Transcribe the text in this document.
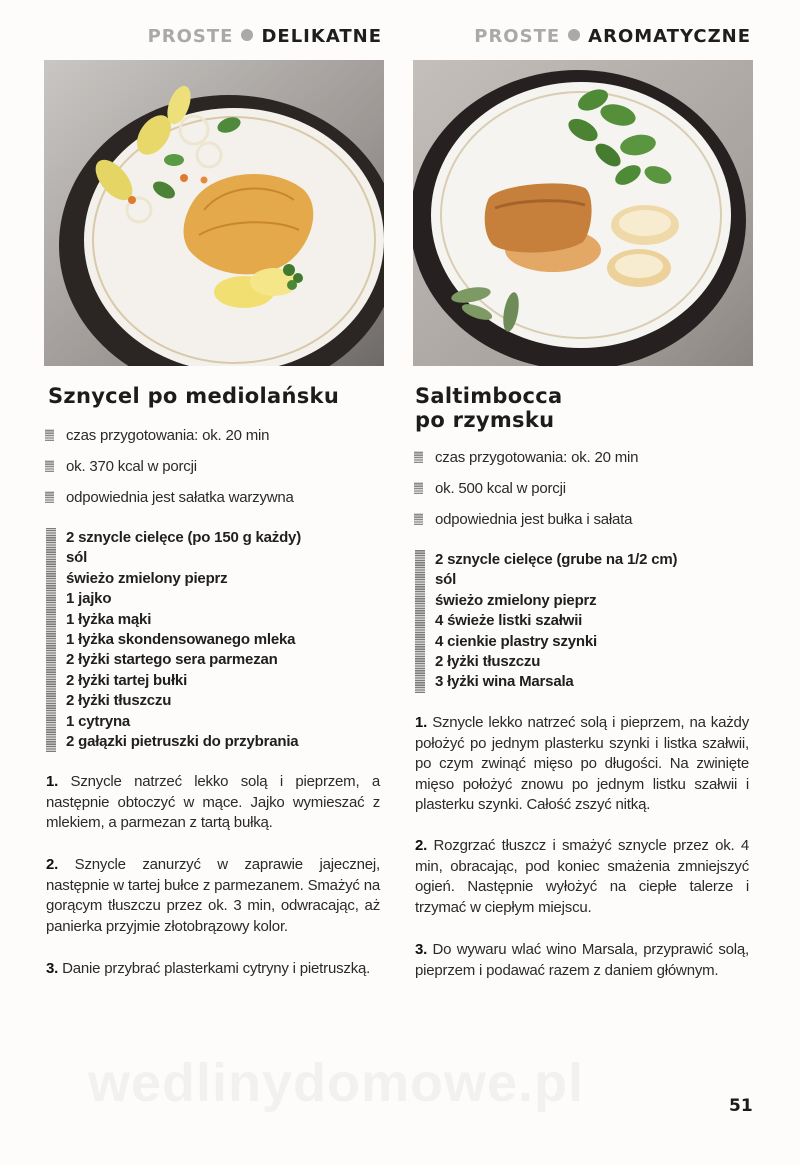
PROSTE DELIKATNE
Sznycel po mediolańsku
czas przygotowania: ok. 20 min
ok. 370 kcal w porcji
odpowiednia jest sałatka warzywna
2 sznycle cielęce (po 150 g każdy)
sól
świeżo zmielony pieprz
1 jajko
1 łyżka mąki
1 łyżka skondensowanego mleka
2 łyżki startego sera parmezan
2 łyżki tartej bułki
2 łyżki tłuszczu
1 cytryna
2 gałązki pietruszki do przybrania
1. Sznycle natrzeć lekko solą i pieprzem, a następnie obtoczyć w mące. Jajko wymieszać z mlekiem, a parmezan z tartą bułką.
2. Sznycle zanurzyć w zaprawie jajecznej, następnie w tartej bułce z parmezanem. Smażyć na gorącym tłuszczu przez ok. 3 min, odwracając, aż panierka przyjmie złotobrązowy kolor.
3. Danie przybrać plasterkami cytryny i pietruszką.
PROSTE AROMATYCZNE
Saltimbocca
po rzymsku
czas przygotowania: ok. 20 min
ok. 500 kcal w porcji
odpowiednia jest bułka i sałata
2 sznycle cielęce (grube na 1/2 cm)
sól
świeżo zmielony pieprz
4 świeże listki szałwii
4 cienkie plastry szynki
2 łyżki tłuszczu
3 łyżki wina Marsala
1. Sznycle lekko natrzeć solą i pieprzem, na każdy położyć po jednym plasterku szynki i listka szałwii, po czym zwinąć mięso po długości. Na zwinięte mięso położyć znowu po jednym listku szałwii i plasterku szynki. Całość zszyć nitką.
2. Rozgrzać tłuszcz i smażyć sznycle przez ok. 4 min, obracając, pod koniec smażenia zmniejszyć ogień. Następnie wyłożyć na ciepłe talerze i trzymać w ciepłym miejscu.
3. Do wywaru wlać wino Marsala, przyprawić solą, pieprzem i podawać razem z daniem głównym.
wedlinydomowe.pl	51
